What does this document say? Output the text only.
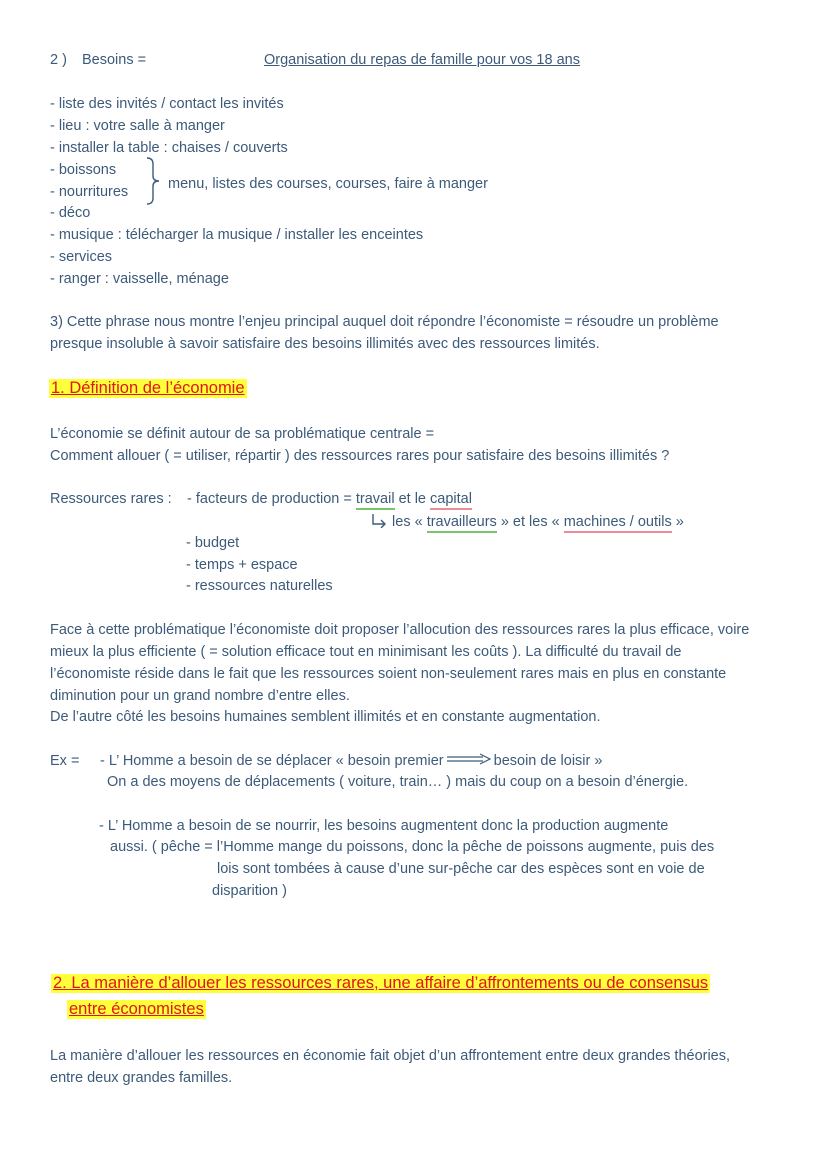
2 ) Besoins =	Organisation du repas de famille pour vos 18 ans
- liste des invités / contact les invités
- lieu : votre salle à manger
- installer la table : chaises / couverts
- boissons
- nourritures
- déco
- musique : télécharger la musique / installer les enceintes
- services
- ranger : vaisselle, ménage
menu, listes des courses, courses, faire à manger
3) Cette phrase nous montre l’enjeu principal auquel doit répondre l’économiste = résoudre un problème
presque insoluble à savoir satisfaire des besoins illimités avec des ressources limités.
1. Définition de l’économie
L’économie se définit autour de sa problématique centrale =
Comment allouer ( = utiliser, répartir ) des ressources rares pour satisfaire des besoins illimités ?
Ressources rares : - facteurs de production = travail et le capital
les « travailleurs » et les « machines / outils »
- budget
- temps + espace
- ressources naturelles
Face à cette problématique l’économiste doit proposer l’allocution des ressources rares la plus efficace, voire
mieux la plus efficiente ( = solution efficace tout en minimisant les coûts ). La difficulté du travail de
l’économiste réside dans le fait que les ressources soient non-seulement rares mais en plus en constante
diminution pour un grand nombre d’entre elles.
De l’autre côté les besoins humaines semblent illimités et en constante augmentation.
Ex = - L’ Homme a besoin de se déplacer « besoin premier	besoin de loisir »
On a des moyens de déplacements ( voiture, train… ) mais du coup on a besoin d’énergie.
- L’ Homme a besoin de se nourrir, les besoins augmentent donc la production augmente
aussi. ( pêche = l’Homme mange du poissons, donc la pêche de poissons augmente, puis des
lois sont tombées à cause d’une sur-pêche car des espèces sont en voie de
disparition )
2. La manière d’allouer les ressources rares, une affaire d’affrontements ou de consensus
entre économistes
La manière d’allouer les ressources en économie fait objet d’un affrontement entre deux grandes théories,
entre deux grandes familles.
